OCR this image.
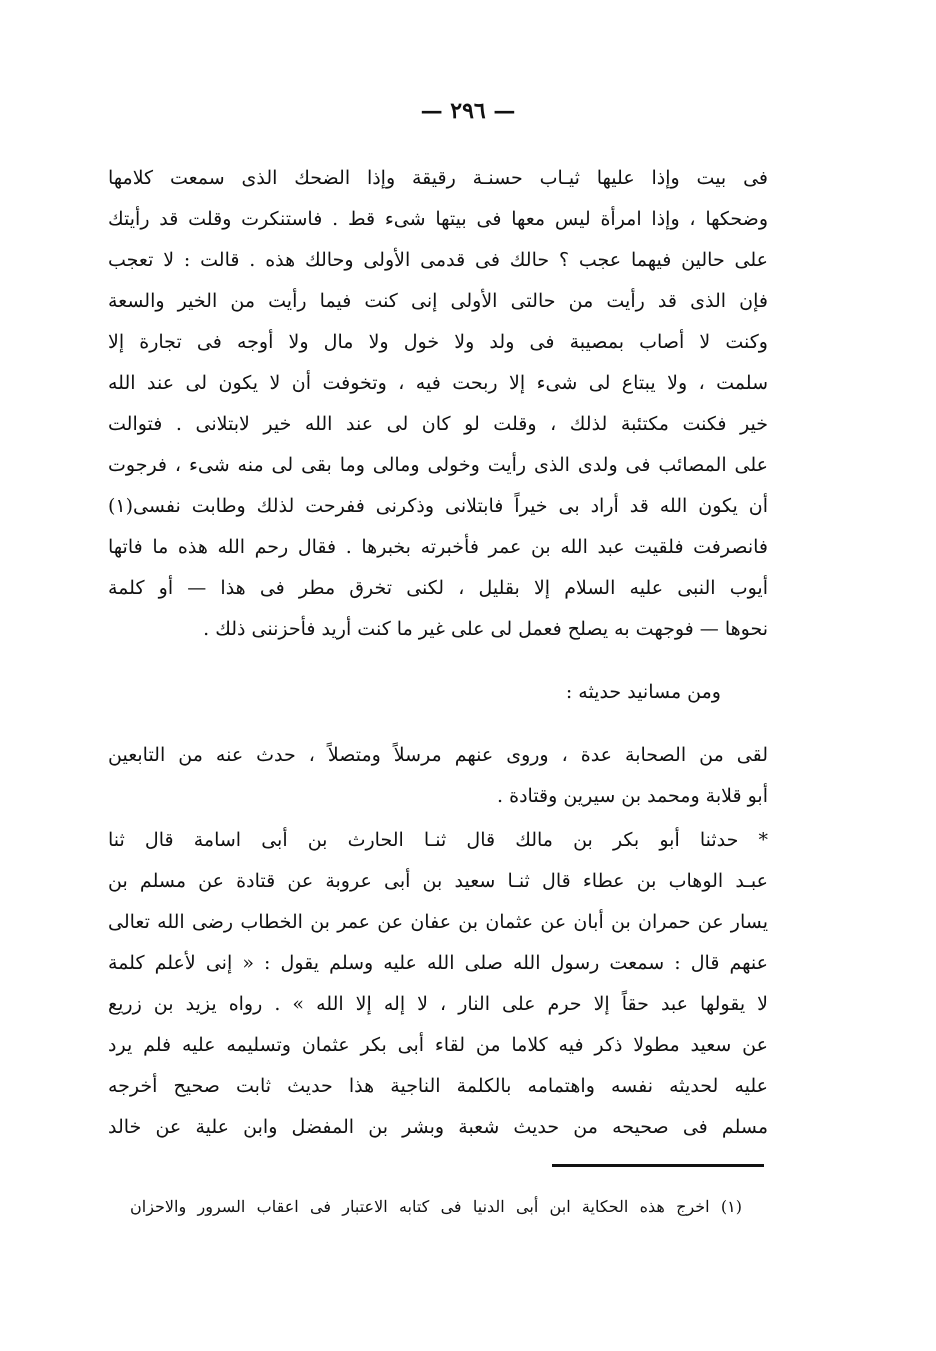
— ٢٩٦ —
فى بيت وإذا عليها ثيـاب حسنـة رقيقة وإذا الضحك الذى سمعت كلامها
وضحكها ، وإذا امرأة ليس معها فى بيتها شىء قط . فاستنكرت وقلت قد رأيتك
على حالين فيهما عجب ؟ حالك فى قدمى الأولى وحالك هذه . قالت : لا تعجب
فإن الذى قد رأيت من حالتى الأولى إنى كنت فيما رأيت من الخير والسعة
وكنت لا أصاب بمصيبة فى ولد ولا خول ولا مال ولا أوجه فى تجارة إلا
سلمت ، ولا يبتاع لى شىء إلا ربحت فيه ، وتخوفت أن لا يكون لى عند الله
خير فكنت مكتئبة لذلك ، وقلت لو كان لى عند الله خير لابتلانى . فتوالت
على المصائب فى ولدى الذى رأيت وخولى ومالى وما بقى لى منه شىء ، فرجوت
أن يكون الله قد أراد بى خيراً فابتلانى وذكرنى ففرحت لذلك وطابت نفسى(١)
فانصرفت فلقيت عبد الله بن عمر فأخبرته بخبرها . فقال رحم الله هذه ما فاتها
أيوب النبى عليه السلام إلا بقليل ، لكنى تخرق مطر فى هذا — أو كلمة
نحوها — فوجهت به يصلح فعمل لى على غير ما كنت أريد فأحزننى ذلك .
ومن مسانيد حديثه :
لقى من الصحابة عدة ، وروى عنهم مرسلاً ومتصلاً ، حدث عنه من التابعين
أبو قلابة ومحمد بن سيرين وقتادة .
* حدثنا أبو بكر بن مالك قال ثنـا الحارث بن أبى اسامة قال ثنا
عبـد الوهاب بن عطاء قال ثنـا سعيد بن أبى عروبة عن قتادة عن مسلم بن
يسار عن حمران بن أبان عن عثمان بن عفان عن عمر بن الخطاب رضى الله تعالى
عنهم قال : سمعت رسول الله صلى الله عليه وسلم يقول : « إنى لأعلم كلمة
لا يقولها عبد حقاً إلا حرم على النار ، لا إله إلا الله » . رواه يزيد بن زريع
عن سعيد مطولا ذكر فيه كلاما من لقاء أبى بكر عثمان وتسليمه عليه فلم يرد
عليه لحديثه نفسه واهتمامه بالكلمة الناجية هذا حديث ثابت صحيح أخرجه
مسلم فى صحيحه من حديث شعبة وبشر بن المفضل وابن علية عن خالد
(١) اخرج هذه الحكاية ابن أبى الدنيا فى كتابه الاعتبار فى اعقاب السرور والاحزان
